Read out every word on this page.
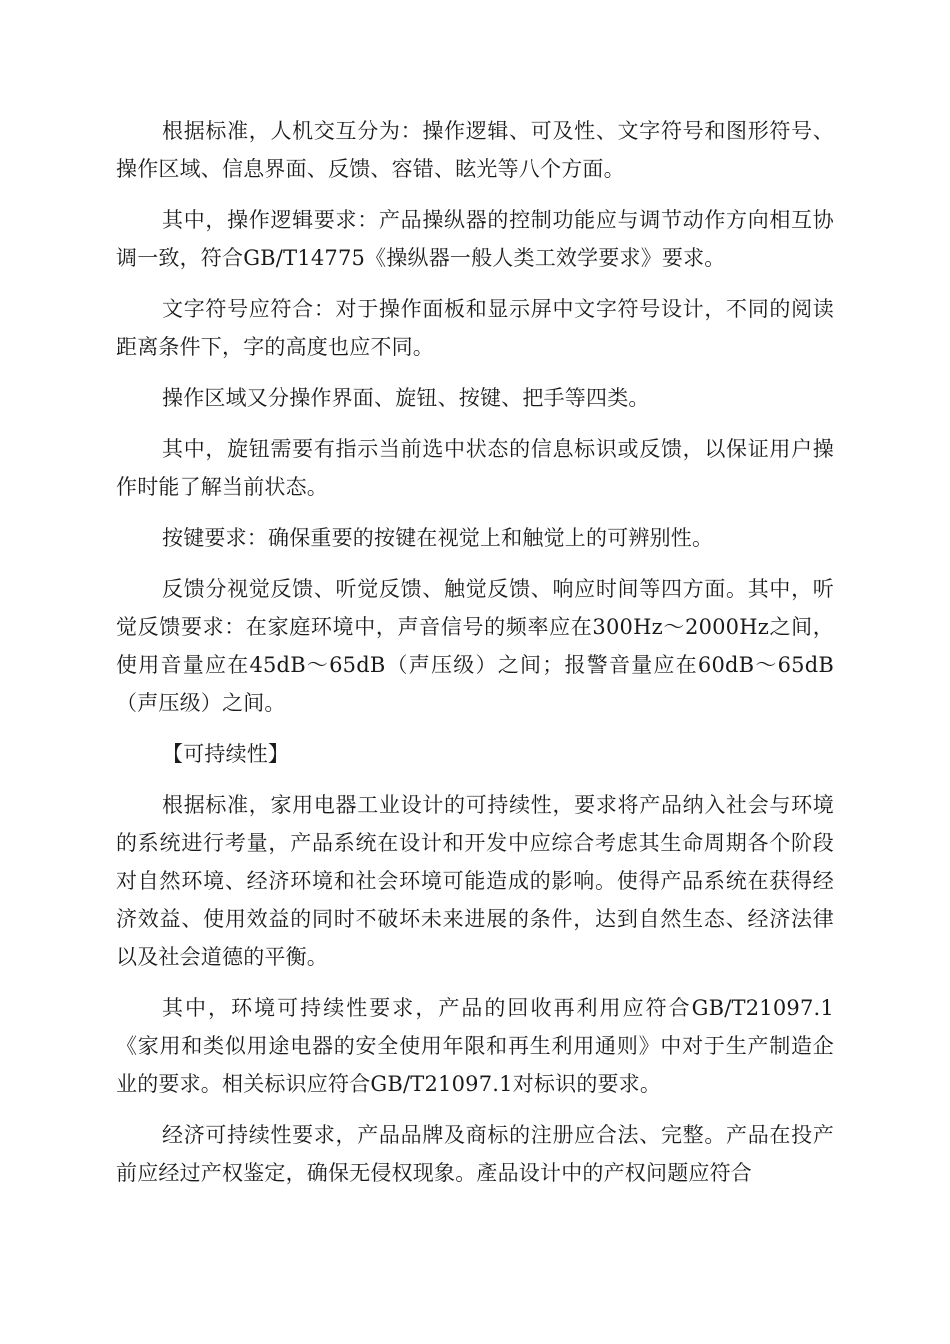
根据标准，人机交互分为：操作逻辑、可及性、文字符号和图形符号、操作区域、信息界面、反馈、容错、眩光等八个方面。

其中，操作逻辑要求：产品操纵器的控制功能应与调节动作方向相互协调一致，符合GB/T14775《操纵器一般人类工效学要求》要求。

文字符号应符合：对于操作面板和显示屏中文字符号设计，不同的阅读距离条件下，字的高度也应不同。

操作区域又分操作界面、旋钮、按键、把手等四类。

其中，旋钮需要有指示当前选中状态的信息标识或反馈，以保证用户操作时能了解当前状态。

按键要求：确保重要的按键在视觉上和触觉上的可辨别性。

反馈分视觉反馈、听觉反馈、触觉反馈、响应时间等四方面。其中，听觉反馈要求：在家庭环境中，声音信号的频率应在300Hz～2000Hz之间，使用音量应在45dB～65dB（声压级）之间；报警音量应在60dB～65dB（声压级）之间。

【可持续性】

根据标准，家用电器工业设计的可持续性，要求将产品纳入社会与环境的系统进行考量，产品系统在设计和开发中应综合考虑其生命周期各个阶段对自然环境、经济环境和社会环境可能造成的影响。使得产品系统在获得经济效益、使用效益的同时不破坏未来进展的条件，达到自然生态、经济法律以及社会道德的平衡。

其中，环境可持续性要求，产品的回收再利用应符合GB/T21097.1《家用和类似用途电器的安全使用年限和再生利用通则》中对于生产制造企业的要求。相关标识应符合GB/T21097.1对标识的要求。

经济可持续性要求，产品品牌及商标的注册应合法、完整。产品在投产前应经过产权鉴定，确保无侵权现象。產品设计中的产权问题应符合
